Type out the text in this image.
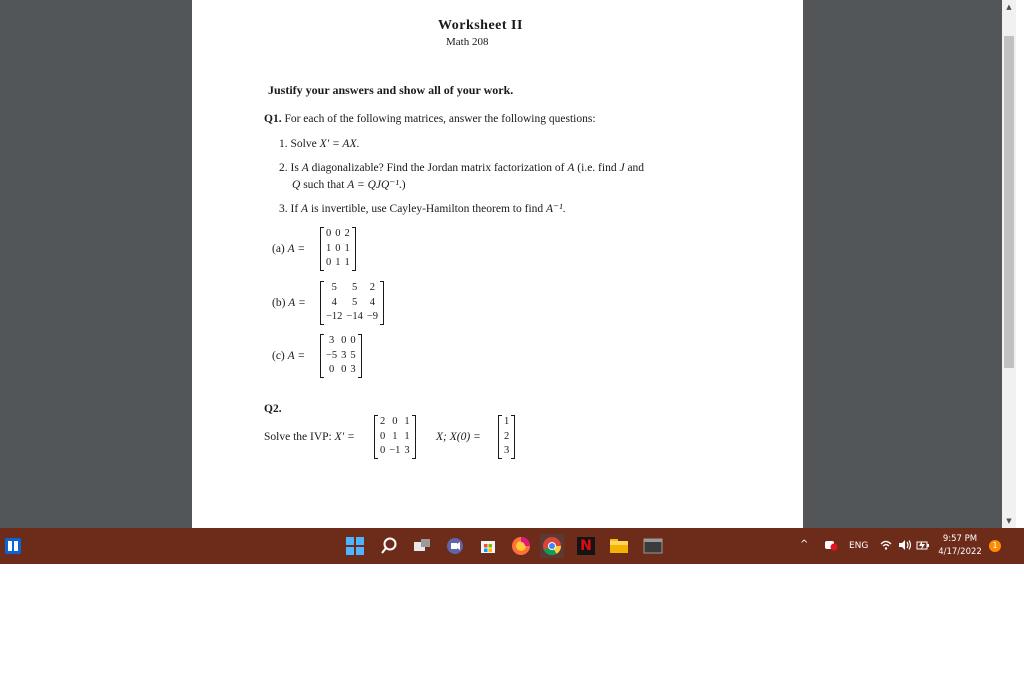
Worksheet II
Math 208
Justify your answers and show all of your work.
Q1. For each of the following matrices, answer the following questions:
1. Solve X′ = AX.
2. Is A diagonalizable? Find the Jordan matrix factorization of A (i.e. find J and
Q such that A = QJQ⁻¹.)
3. If A is invertible, use Cayley-Hamilton theorem to find A⁻¹.
(a) A =
0	0	2
1	0	1
0	1	1
(b) A =
5	5	2
4	5	4
−12	−14	−9
(c) A =
3	0	0
−5	3	5
0	0	3
Q2.
Solve the IVP: X′ =
2	0	1
0	1	1
0	−1	3
X; X(0) =
1
2
3
▲
▼
N	^	ENG
9:57 PM
4/17/2022
1
